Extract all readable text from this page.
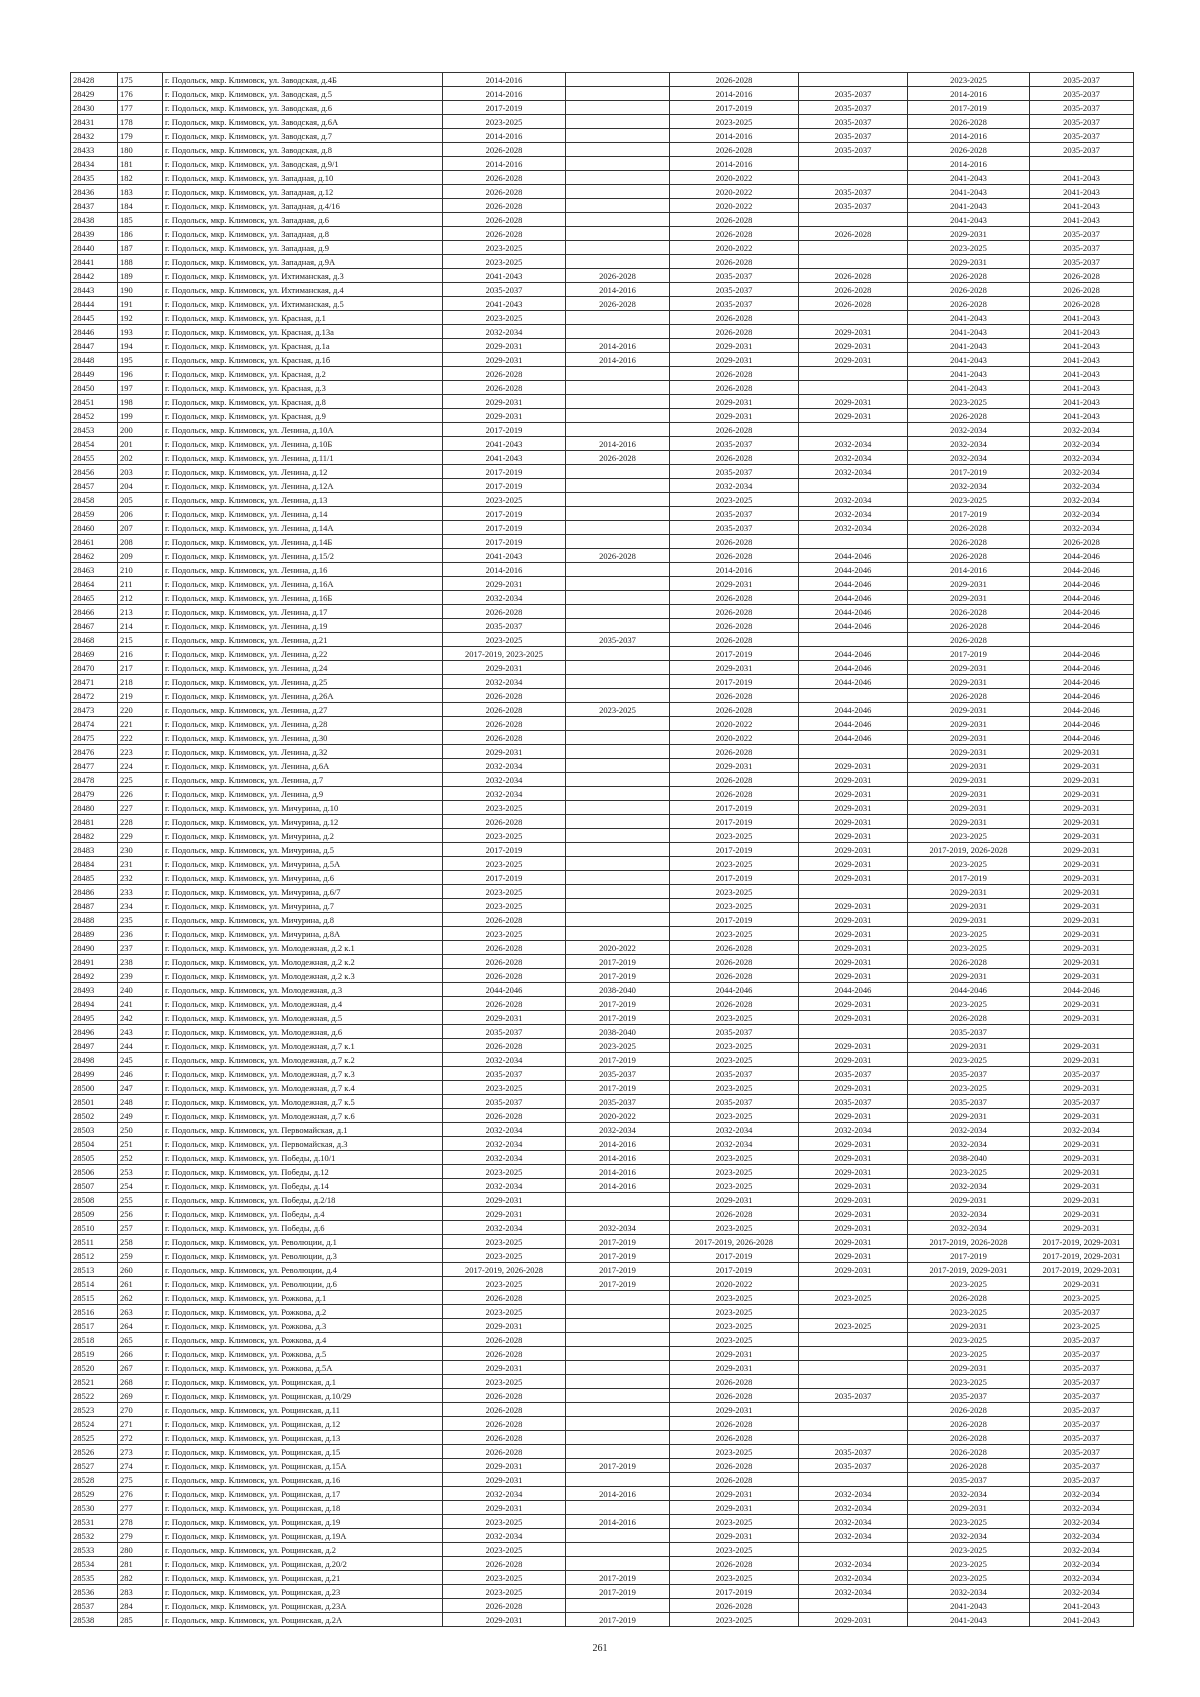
28428	175	г. Подольск, мкр. Климовск, ул. Заводская, д.4Б	2014-2016		2026-2028		2023-2025	2035-2037
28429	176	г. Подольск, мкр. Климовск, ул. Заводская, д.5	2014-2016		2014-2016	2035-2037	2014-2016	2035-2037
28430	177	г. Подольск, мкр. Климовск, ул. Заводская, д.6	2017-2019		2017-2019	2035-2037	2017-2019	2035-2037
28431	178	г. Подольск, мкр. Климовск, ул. Заводская, д.6А	2023-2025		2023-2025	2035-2037	2026-2028	2035-2037
28432	179	г. Подольск, мкр. Климовск, ул. Заводская, д.7	2014-2016		2014-2016	2035-2037	2014-2016	2035-2037
28433	180	г. Подольск, мкр. Климовск, ул. Заводская, д.8	2026-2028		2026-2028	2035-2037	2026-2028	2035-2037
28434	181	г. Подольск, мкр. Климовск, ул. Заводская, д.9/1	2014-2016		2014-2016		2014-2016	
28435	182	г. Подольск, мкр. Климовск, ул. Западная, д.10	2026-2028		2020-2022		2041-2043	2041-2043
28436	183	г. Подольск, мкр. Климовск, ул. Западная, д.12	2026-2028		2020-2022	2035-2037	2041-2043	2041-2043
28437	184	г. Подольск, мкр. Климовск, ул. Западная, д.4/16	2026-2028		2020-2022	2035-2037	2041-2043	2041-2043
28438	185	г. Подольск, мкр. Климовск, ул. Западная, д.6	2026-2028		2026-2028		2041-2043	2041-2043
28439	186	г. Подольск, мкр. Климовск, ул. Западная, д.8	2026-2028		2026-2028	2026-2028	2029-2031	2035-2037
28440	187	г. Подольск, мкр. Климовск, ул. Западная, д.9	2023-2025		2020-2022		2023-2025	2035-2037
28441	188	г. Подольск, мкр. Климовск, ул. Западная, д.9А	2023-2025		2026-2028		2029-2031	2035-2037
28442	189	г. Подольск, мкр. Климовск, ул. Ихтиманская, д.3	2041-2043	2026-2028	2035-2037	2026-2028	2026-2028	2026-2028
28443	190	г. Подольск, мкр. Климовск, ул. Ихтиманская, д.4	2035-2037	2014-2016	2035-2037	2026-2028	2026-2028	2026-2028
28444	191	г. Подольск, мкр. Климовск, ул. Ихтиманская, д.5	2041-2043	2026-2028	2035-2037	2026-2028	2026-2028	2026-2028
28445	192	г. Подольск, мкр. Климовск, ул. Красная, д.1	2023-2025		2026-2028		2041-2043	2041-2043
28446	193	г. Подольск, мкр. Климовск, ул. Красная, д.13а	2032-2034		2026-2028	2029-2031	2041-2043	2041-2043
28447	194	г. Подольск, мкр. Климовск, ул. Красная, д.1а	2029-2031	2014-2016	2029-2031	2029-2031	2041-2043	2041-2043
28448	195	г. Подольск, мкр. Климовск, ул. Красная, д.1б	2029-2031	2014-2016	2029-2031	2029-2031	2041-2043	2041-2043
28449	196	г. Подольск, мкр. Климовск, ул. Красная, д.2	2026-2028		2026-2028		2041-2043	2041-2043
28450	197	г. Подольск, мкр. Климовск, ул. Красная, д.3	2026-2028		2026-2028		2041-2043	2041-2043
28451	198	г. Подольск, мкр. Климовск, ул. Красная, д.8	2029-2031		2029-2031	2029-2031	2023-2025	2041-2043
28452	199	г. Подольск, мкр. Климовск, ул. Красная, д.9	2029-2031		2029-2031	2029-2031	2026-2028	2041-2043
28453	200	г. Подольск, мкр. Климовск, ул. Ленина, д.10А	2017-2019		2026-2028		2032-2034	2032-2034
28454	201	г. Подольск, мкр. Климовск, ул. Ленина, д.10Б	2041-2043	2014-2016	2035-2037	2032-2034	2032-2034	2032-2034
28455	202	г. Подольск, мкр. Климовск, ул. Ленина, д.11/1	2041-2043	2026-2028	2026-2028	2032-2034	2032-2034	2032-2034
28456	203	г. Подольск, мкр. Климовск, ул. Ленина, д.12	2017-2019		2035-2037	2032-2034	2017-2019	2032-2034
28457	204	г. Подольск, мкр. Климовск, ул. Ленина, д.12А	2017-2019		2032-2034		2032-2034	2032-2034
28458	205	г. Подольск, мкр. Климовск, ул. Ленина, д.13	2023-2025		2023-2025	2032-2034	2023-2025	2032-2034
28459	206	г. Подольск, мкр. Климовск, ул. Ленина, д.14	2017-2019		2035-2037	2032-2034	2017-2019	2032-2034
28460	207	г. Подольск, мкр. Климовск, ул. Ленина, д.14А	2017-2019		2035-2037	2032-2034	2026-2028	2032-2034
28461	208	г. Подольск, мкр. Климовск, ул. Ленина, д.14Б	2017-2019		2026-2028		2026-2028	2026-2028
28462	209	г. Подольск, мкр. Климовск, ул. Ленина, д.15/2	2041-2043	2026-2028	2026-2028	2044-2046	2026-2028	2044-2046
28463	210	г. Подольск, мкр. Климовск, ул. Ленина, д.16	2014-2016		2014-2016	2044-2046	2014-2016	2044-2046
28464	211	г. Подольск, мкр. Климовск, ул. Ленина, д.16А	2029-2031		2029-2031	2044-2046	2029-2031	2044-2046
28465	212	г. Подольск, мкр. Климовск, ул. Ленина, д.16Б	2032-2034		2026-2028	2044-2046	2029-2031	2044-2046
28466	213	г. Подольск, мкр. Климовск, ул. Ленина, д.17	2026-2028		2026-2028	2044-2046	2026-2028	2044-2046
28467	214	г. Подольск, мкр. Климовск, ул. Ленина, д.19	2035-2037		2026-2028	2044-2046	2026-2028	2044-2046
28468	215	г. Подольск, мкр. Климовск, ул. Ленина, д.21	2023-2025	2035-2037	2026-2028		2026-2028	
28469	216	г. Подольск, мкр. Климовск, ул. Ленина, д.22	2017-2019, 2023-2025		2017-2019	2044-2046	2017-2019	2044-2046
28470	217	г. Подольск, мкр. Климовск, ул. Ленина, д.24	2029-2031		2029-2031	2044-2046	2029-2031	2044-2046
28471	218	г. Подольск, мкр. Климовск, ул. Ленина, д.25	2032-2034		2017-2019	2044-2046	2029-2031	2044-2046
28472	219	г. Подольск, мкр. Климовск, ул. Ленина, д.26А	2026-2028		2026-2028		2026-2028	2044-2046
28473	220	г. Подольск, мкр. Климовск, ул. Ленина, д.27	2026-2028	2023-2025	2026-2028	2044-2046	2029-2031	2044-2046
28474	221	г. Подольск, мкр. Климовск, ул. Ленина, д.28	2026-2028		2020-2022	2044-2046	2029-2031	2044-2046
28475	222	г. Подольск, мкр. Климовск, ул. Ленина, д.30	2026-2028		2020-2022	2044-2046	2029-2031	2044-2046
28476	223	г. Подольск, мкр. Климовск, ул. Ленина, д.32	2029-2031		2026-2028		2029-2031	2029-2031
28477	224	г. Подольск, мкр. Климовск, ул. Ленина, д.6А	2032-2034		2029-2031	2029-2031	2029-2031	2029-2031
28478	225	г. Подольск, мкр. Климовск, ул. Ленина, д.7	2032-2034		2026-2028	2029-2031	2029-2031	2029-2031
28479	226	г. Подольск, мкр. Климовск, ул. Ленина, д.9	2032-2034		2026-2028	2029-2031	2029-2031	2029-2031
28480	227	г. Подольск, мкр. Климовск, ул. Мичурина, д.10	2023-2025		2017-2019	2029-2031	2029-2031	2029-2031
28481	228	г. Подольск, мкр. Климовск, ул. Мичурина, д.12	2026-2028		2017-2019	2029-2031	2029-2031	2029-2031
28482	229	г. Подольск, мкр. Климовск, ул. Мичурина, д.2	2023-2025		2023-2025	2029-2031	2023-2025	2029-2031
28483	230	г. Подольск, мкр. Климовск, ул. Мичурина, д.5	2017-2019		2017-2019	2029-2031	2017-2019, 2026-2028	2029-2031
28484	231	г. Подольск, мкр. Климовск, ул. Мичурина, д.5А	2023-2025		2023-2025	2029-2031	2023-2025	2029-2031
28485	232	г. Подольск, мкр. Климовск, ул. Мичурина, д.6	2017-2019		2017-2019	2029-2031	2017-2019	2029-2031
28486	233	г. Подольск, мкр. Климовск, ул. Мичурина, д.6/7	2023-2025		2023-2025		2029-2031	2029-2031
28487	234	г. Подольск, мкр. Климовск, ул. Мичурина, д.7	2023-2025		2023-2025	2029-2031	2029-2031	2029-2031
28488	235	г. Подольск, мкр. Климовск, ул. Мичурина, д.8	2026-2028		2017-2019	2029-2031	2029-2031	2029-2031
28489	236	г. Подольск, мкр. Климовск, ул. Мичурина, д.8А	2023-2025		2023-2025	2029-2031	2023-2025	2029-2031
28490	237	г. Подольск, мкр. Климовск, ул. Молодежная, д.2 к.1	2026-2028	2020-2022	2026-2028	2029-2031	2023-2025	2029-2031
28491	238	г. Подольск, мкр. Климовск, ул. Молодежная, д.2 к.2	2026-2028	2017-2019	2026-2028	2029-2031	2026-2028	2029-2031
28492	239	г. Подольск, мкр. Климовск, ул. Молодежная, д.2 к.3	2026-2028	2017-2019	2026-2028	2029-2031	2029-2031	2029-2031
28493	240	г. Подольск, мкр. Климовск, ул. Молодежная, д.3	2044-2046	2038-2040	2044-2046	2044-2046	2044-2046	2044-2046
28494	241	г. Подольск, мкр. Климовск, ул. Молодежная, д.4	2026-2028	2017-2019	2026-2028	2029-2031	2023-2025	2029-2031
28495	242	г. Подольск, мкр. Климовск, ул. Молодежная, д.5	2029-2031	2017-2019	2023-2025	2029-2031	2026-2028	2029-2031
28496	243	г. Подольск, мкр. Климовск, ул. Молодежная, д.6	2035-2037	2038-2040	2035-2037		2035-2037	
28497	244	г. Подольск, мкр. Климовск, ул. Молодежная, д.7 к.1	2026-2028	2023-2025	2023-2025	2029-2031	2029-2031	2029-2031
28498	245	г. Подольск, мкр. Климовск, ул. Молодежная, д.7 к.2	2032-2034	2017-2019	2023-2025	2029-2031	2023-2025	2029-2031
28499	246	г. Подольск, мкр. Климовск, ул. Молодежная, д.7 к.3	2035-2037	2035-2037	2035-2037	2035-2037	2035-2037	2035-2037
28500	247	г. Подольск, мкр. Климовск, ул. Молодежная, д.7 к.4	2023-2025	2017-2019	2023-2025	2029-2031	2023-2025	2029-2031
28501	248	г. Подольск, мкр. Климовск, ул. Молодежная, д.7 к.5	2035-2037	2035-2037	2035-2037	2035-2037	2035-2037	2035-2037
28502	249	г. Подольск, мкр. Климовск, ул. Молодежная, д.7 к.6	2026-2028	2020-2022	2023-2025	2029-2031	2029-2031	2029-2031
28503	250	г. Подольск, мкр. Климовск, ул. Первомайская, д.1	2032-2034	2032-2034	2032-2034	2032-2034	2032-2034	2032-2034
28504	251	г. Подольск, мкр. Климовск, ул. Первомайская, д.3	2032-2034	2014-2016	2032-2034	2029-2031	2032-2034	2029-2031
28505	252	г. Подольск, мкр. Климовск, ул. Победы, д.10/1	2032-2034	2014-2016	2023-2025	2029-2031	2038-2040	2029-2031
28506	253	г. Подольск, мкр. Климовск, ул. Победы, д.12	2023-2025	2014-2016	2023-2025	2029-2031	2023-2025	2029-2031
28507	254	г. Подольск, мкр. Климовск, ул. Победы, д.14	2032-2034	2014-2016	2023-2025	2029-2031	2032-2034	2029-2031
28508	255	г. Подольск, мкр. Климовск, ул. Победы, д.2/18	2029-2031		2029-2031	2029-2031	2029-2031	2029-2031
28509	256	г. Подольск, мкр. Климовск, ул. Победы, д.4	2029-2031		2026-2028	2029-2031	2032-2034	2029-2031
28510	257	г. Подольск, мкр. Климовск, ул. Победы, д.6	2032-2034	2032-2034	2023-2025	2029-2031	2032-2034	2029-2031
28511	258	г. Подольск, мкр. Климовск, ул. Революции, д.1	2023-2025	2017-2019	2017-2019, 2026-2028	2029-2031	2017-2019, 2026-2028	2017-2019, 2029-2031
28512	259	г. Подольск, мкр. Климовск, ул. Революции, д.3	2023-2025	2017-2019	2017-2019	2029-2031	2017-2019	2017-2019, 2029-2031
28513	260	г. Подольск, мкр. Климовск, ул. Революции, д.4	2017-2019, 2026-2028	2017-2019	2017-2019	2029-2031	2017-2019, 2029-2031	2017-2019, 2029-2031
28514	261	г. Подольск, мкр. Климовск, ул. Революции, д.6	2023-2025	2017-2019	2020-2022		2023-2025	2029-2031
28515	262	г. Подольск, мкр. Климовск, ул. Рожкова, д.1	2026-2028		2023-2025	2023-2025	2026-2028	2023-2025
28516	263	г. Подольск, мкр. Климовск, ул. Рожкова, д.2	2023-2025		2023-2025		2023-2025	2035-2037
28517	264	г. Подольск, мкр. Климовск, ул. Рожкова, д.3	2029-2031		2023-2025	2023-2025	2029-2031	2023-2025
28518	265	г. Подольск, мкр. Климовск, ул. Рожкова, д.4	2026-2028		2023-2025		2023-2025	2035-2037
28519	266	г. Подольск, мкр. Климовск, ул. Рожкова, д.5	2026-2028		2029-2031		2023-2025	2035-2037
28520	267	г. Подольск, мкр. Климовск, ул. Рожкова, д.5А	2029-2031		2029-2031		2029-2031	2035-2037
28521	268	г. Подольск, мкр. Климовск, ул. Рощинская, д.1	2023-2025		2026-2028		2023-2025	2035-2037
28522	269	г. Подольск, мкр. Климовск, ул. Рощинская, д.10/29	2026-2028		2026-2028	2035-2037	2035-2037	2035-2037
28523	270	г. Подольск, мкр. Климовск, ул. Рощинская, д.11	2026-2028		2029-2031		2026-2028	2035-2037
28524	271	г. Подольск, мкр. Климовск, ул. Рощинская, д.12	2026-2028		2026-2028		2026-2028	2035-2037
28525	272	г. Подольск, мкр. Климовск, ул. Рощинская, д.13	2026-2028		2026-2028		2026-2028	2035-2037
28526	273	г. Подольск, мкр. Климовск, ул. Рощинская, д.15	2026-2028		2023-2025	2035-2037	2026-2028	2035-2037
28527	274	г. Подольск, мкр. Климовск, ул. Рощинская, д.15А	2029-2031	2017-2019	2026-2028	2035-2037	2026-2028	2035-2037
28528	275	г. Подольск, мкр. Климовск, ул. Рощинская, д.16	2029-2031		2026-2028		2035-2037	2035-2037
28529	276	г. Подольск, мкр. Климовск, ул. Рощинская, д.17	2032-2034	2014-2016	2029-2031	2032-2034	2032-2034	2032-2034
28530	277	г. Подольск, мкр. Климовск, ул. Рощинская, д.18	2029-2031		2029-2031	2032-2034	2029-2031	2032-2034
28531	278	г. Подольск, мкр. Климовск, ул. Рощинская, д.19	2023-2025	2014-2016	2023-2025	2032-2034	2023-2025	2032-2034
28532	279	г. Подольск, мкр. Климовск, ул. Рощинская, д.19А	2032-2034		2029-2031	2032-2034	2032-2034	2032-2034
28533	280	г. Подольск, мкр. Климовск, ул. Рощинская, д.2	2023-2025		2023-2025		2023-2025	2032-2034
28534	281	г. Подольск, мкр. Климовск, ул. Рощинская, д.20/2	2026-2028		2026-2028	2032-2034	2023-2025	2032-2034
28535	282	г. Подольск, мкр. Климовск, ул. Рощинская, д.21	2023-2025	2017-2019	2023-2025	2032-2034	2023-2025	2032-2034
28536	283	г. Подольск, мкр. Климовск, ул. Рощинская, д.23	2023-2025	2017-2019	2017-2019	2032-2034	2032-2034	2032-2034
28537	284	г. Подольск, мкр. Климовск, ул. Рощинская, д.23А	2026-2028		2026-2028		2041-2043	2041-2043
28538	285	г. Подольск, мкр. Климовск, ул. Рощинская, д.2А	2029-2031	2017-2019	2023-2025	2029-2031	2041-2043	2041-2043
261
